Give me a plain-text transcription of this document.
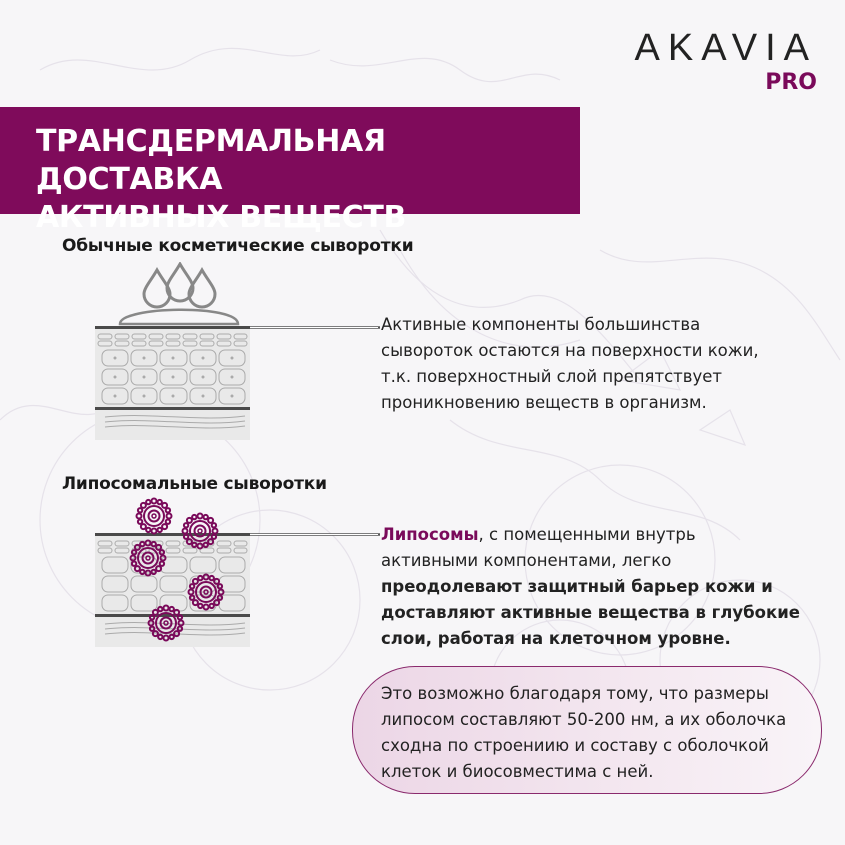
AKAVIA
PRO
ТРАНСДЕРМАЛЬНАЯ ДОСТАВКА
АКТИВНЫХ ВЕЩЕСТВ
Обычные косметические сыворотки
Активные компоненты большинства
сывороток остаются на поверхности кожи,
т.к. поверхностный слой препятствует
проникновению веществ в организм.
Липосомальные сыворотки
Липосомы, с помещенными внутрь
активными компонентами, легко
преодолевают защитный барьер кожи и
доставляют активные вещества в глубокие
слои, работая на клеточном уровне.
Это возможно благодаря тому, что размеры
липосом составляют 50-200 нм, а их оболочка
сходна по строениию и составу с оболочкой
клеток и биосовместима с ней.
